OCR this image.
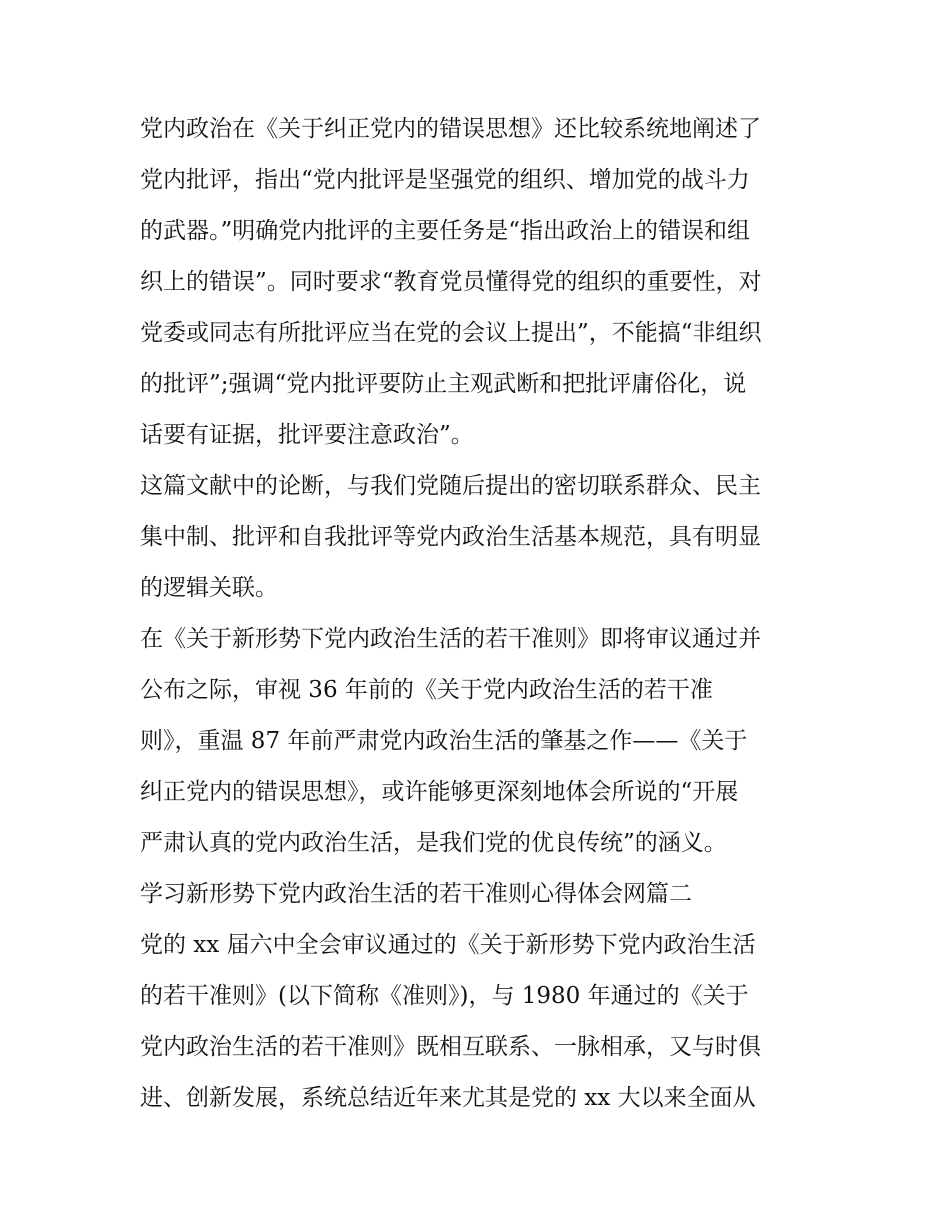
党内政治在《关于纠正党内的错误思想》还比较系统地阐述了
党内批评，指出“党内批评是坚强党的组织、增加党的战斗力
的武器。”明确党内批评的主要任务是“指出政治上的错误和组
织上的错误”。同时要求“教育党员懂得党的组织的重要性，对
党委或同志有所批评应当在党的会议上提出”，不能搞“非组织
的批评”;强调“党内批评要防止主观武断和把批评庸俗化，说
话要有证据，批评要注意政治”。
这篇文献中的论断，与我们党随后提出的密切联系群众、民主
集中制、批评和自我批评等党内政治生活基本规范，具有明显
的逻辑关联。
在《关于新形势下党内政治生活的若干准则》即将审议通过并
公布之际，审视 36 年前的《关于党内政治生活的若干准
则》，重温 87 年前严肃党内政治生活的肇基之作——《关于
纠正党内的错误思想》，或许能够更深刻地体会所说的“开展
严肃认真的党内政治生活，是我们党的优良传统”的涵义。
学习新形势下党内政治生活的若干准则心得体会网篇二
党的 xx 届六中全会审议通过的《关于新形势下党内政治生活
的若干准则》(以下简称《准则》)，与 1980 年通过的《关于
党内政治生活的若干准则》既相互联系、一脉相承，又与时俱
进、创新发展，系统总结近年来尤其是党的 xx 大以来全面从
